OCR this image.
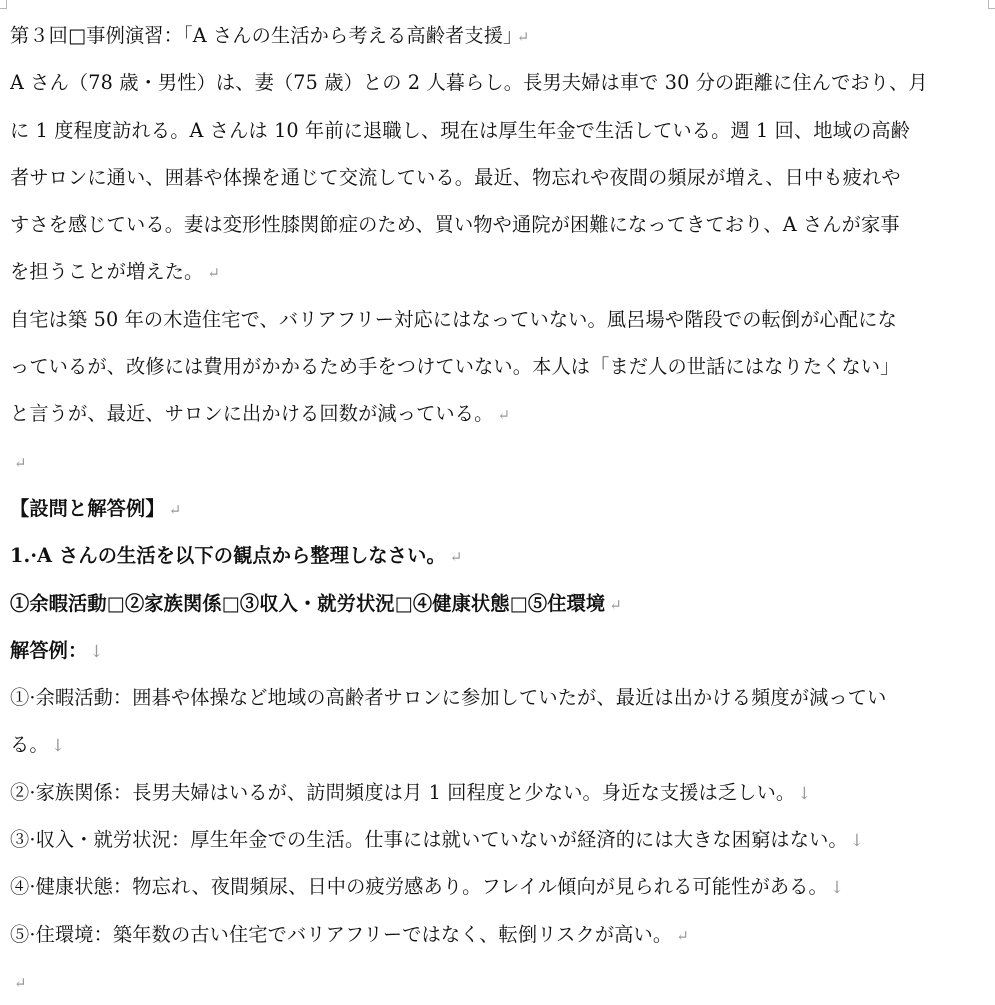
第３回□事例演習：｢A さんの生活から考える高齢者支援｣ ↵
A さん（78 歳・男性）は、妻（75 歳）との 2 人暮らし。長男夫婦は車で 30 分の距離に住んでおり、月
に 1 度程度訪れる。A さんは 10 年前に退職し、現在は厚生年金で生活している。週 1 回、地域の高齢
者サロンに通い、囲碁や体操を通じて交流している。最近、物忘れや夜間の頻尿が増え、日中も疲れや
すさを感じている。妻は変形性膝関節症のため、買い物や通院が困難になってきており、A さんが家事
を担うことが増えた。 ↵
自宅は築 50 年の木造住宅で、バリアフリー対応にはなっていない。風呂場や階段での転倒が心配にな
っているが、改修には費用がかかるため手をつけていない。本人は「まだ人の世話にはなりたくない」
と言うが、最近、サロンに出かける回数が減っている。 ↵
↵
【設問と解答例】 ↵
1.·A さんの生活を以下の観点から整理しなさい。 ↵
①余暇活動□②家族関係□③収入・就労状況□④健康状態□⑤住環境 ↵
解答例： ↓
①·余暇活動：囲碁や体操など地域の高齢者サロンに参加していたが、最近は出かける頻度が減ってい
る。 ↓
②·家族関係：長男夫婦はいるが、訪問頻度は月 1 回程度と少ない。身近な支援は乏しい。 ↓
③·収入・就労状況：厚生年金での生活。仕事には就いていないが経済的には大きな困窮はない。 ↓
④·健康状態：物忘れ、夜間頻尿、日中の疲労感あり。フレイル傾向が見られる可能性がある。 ↓
⑤·住環境：築年数の古い住宅でバリアフリーではなく、転倒リスクが高い。 ↵
↵
